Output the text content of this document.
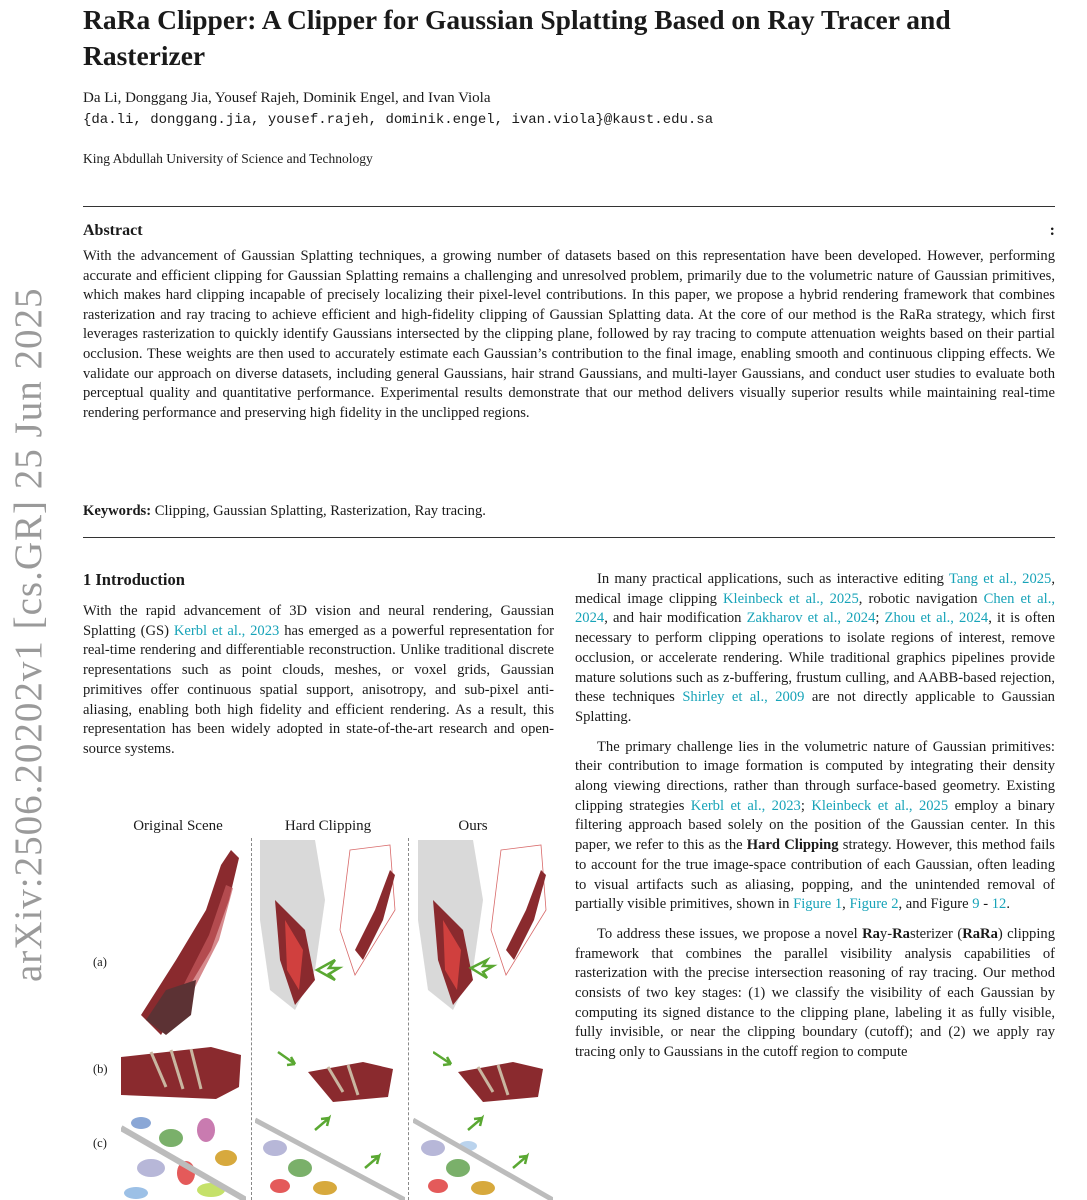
arXiv:2506.20202v1 [cs.GR] 25 Jun 2025
RaRa Clipper: A Clipper for Gaussian Splatting Based on Ray Tracer and Rasterizer
Da Li, Donggang Jia, Yousef Rajeh, Dominik Engel, and Ivan Viola
{da.li, donggang.jia, yousef.rajeh, dominik.engel, ivan.viola}@kaust.edu.sa
King Abdullah University of Science and Technology
Abstract	:

With the advancement of Gaussian Splatting techniques, a growing number of datasets based on this representation have been developed. However, performing accurate and efficient clipping for Gaussian Splatting remains a challenging and unresolved problem, primarily due to the volumetric nature of Gaussian primitives, which makes hard clipping incapable of precisely localizing their pixel-level contributions. In this paper, we propose a hybrid rendering framework that combines rasterization and ray tracing to achieve efficient and high-fidelity clipping of Gaussian Splatting data. At the core of our method is the RaRa strategy, which first leverages rasterization to quickly identify Gaussians intersected by the clipping plane, followed by ray tracing to compute attenuation weights based on their partial occlusion. These weights are then used to accurately estimate each Gaussian’s contribution to the final image, enabling smooth and continuous clipping effects. We validate our approach on diverse datasets, including general Gaussians, hair strand Gaussians, and multi-layer Gaussians, and conduct user studies to evaluate both perceptual quality and quantitative performance. Experimental results demonstrate that our method delivers visually superior results while maintaining real-time rendering performance and preserving high fidelity in the unclipped regions.

Keywords: Clipping, Gaussian Splatting, Rasterization, Ray tracing.
1 Introduction

With the rapid advancement of 3D vision and neural rendering, Gaussian Splatting (GS) Kerbl et al., 2023 has emerged as a powerful representation for real-time rendering and differentiable reconstruction. Unlike traditional discrete representations such as point clouds, meshes, or voxel grids, Gaussian primitives offer continuous spatial support, anisotropy, and sub-pixel anti-aliasing, enabling both high fidelity and efficient rendering. As a result, this representation has been widely adopted in state-of-the-art research and open-source systems.

In many practical applications, such as interactive editing Tang et al., 2025, medical image clipping Kleinbeck et al., 2025, robotic navigation Chen et al., 2024, and hair modification Zakharov et al., 2024; Zhou et al., 2024, it is often necessary to perform clipping operations to isolate regions of interest, remove occlusion, or accelerate rendering. While traditional graphics pipelines provide mature solutions such as z-buffering, frustum culling, and AABB-based rejection, these techniques Shirley et al., 2009 are not directly applicable to Gaussian Splatting.

The primary challenge lies in the volumetric nature of Gaussian primitives: their contribution to image formation is computed by integrating their density along viewing directions, rather than through surface-based geometry. Existing clipping strategies Kerbl et al., 2023; Kleinbeck et al., 2025 employ a binary filtering approach based solely on the position of the Gaussian center. In this paper, we refer to this as the Hard Clipping strategy. However, this method fails to account for the true image-space contribution of each Gaussian, often leading to visual artifacts such as aliasing, popping, and the unintended removal of partially visible primitives, shown in Figure 1, Figure 2, and Figure 9 - 12.

To address these issues, we propose a novel Ray-Rasterizer (RaRa) clipping framework that combines the parallel visibility analysis capabilities of rasterization with the precise intersection reasoning of ray tracing. Our method consists of two key stages: (1) we classify the visibility of each Gaussian by computing its signed distance to the clipping plane, labeling it as fully visible, fully invisible, or near the clipping boundary (cutoff); and (2) we apply ray tracing only to Gaussians in the cutoff region to compute

Original Scene	Hard Clipping	Ours
(a)
(b)
(c)
